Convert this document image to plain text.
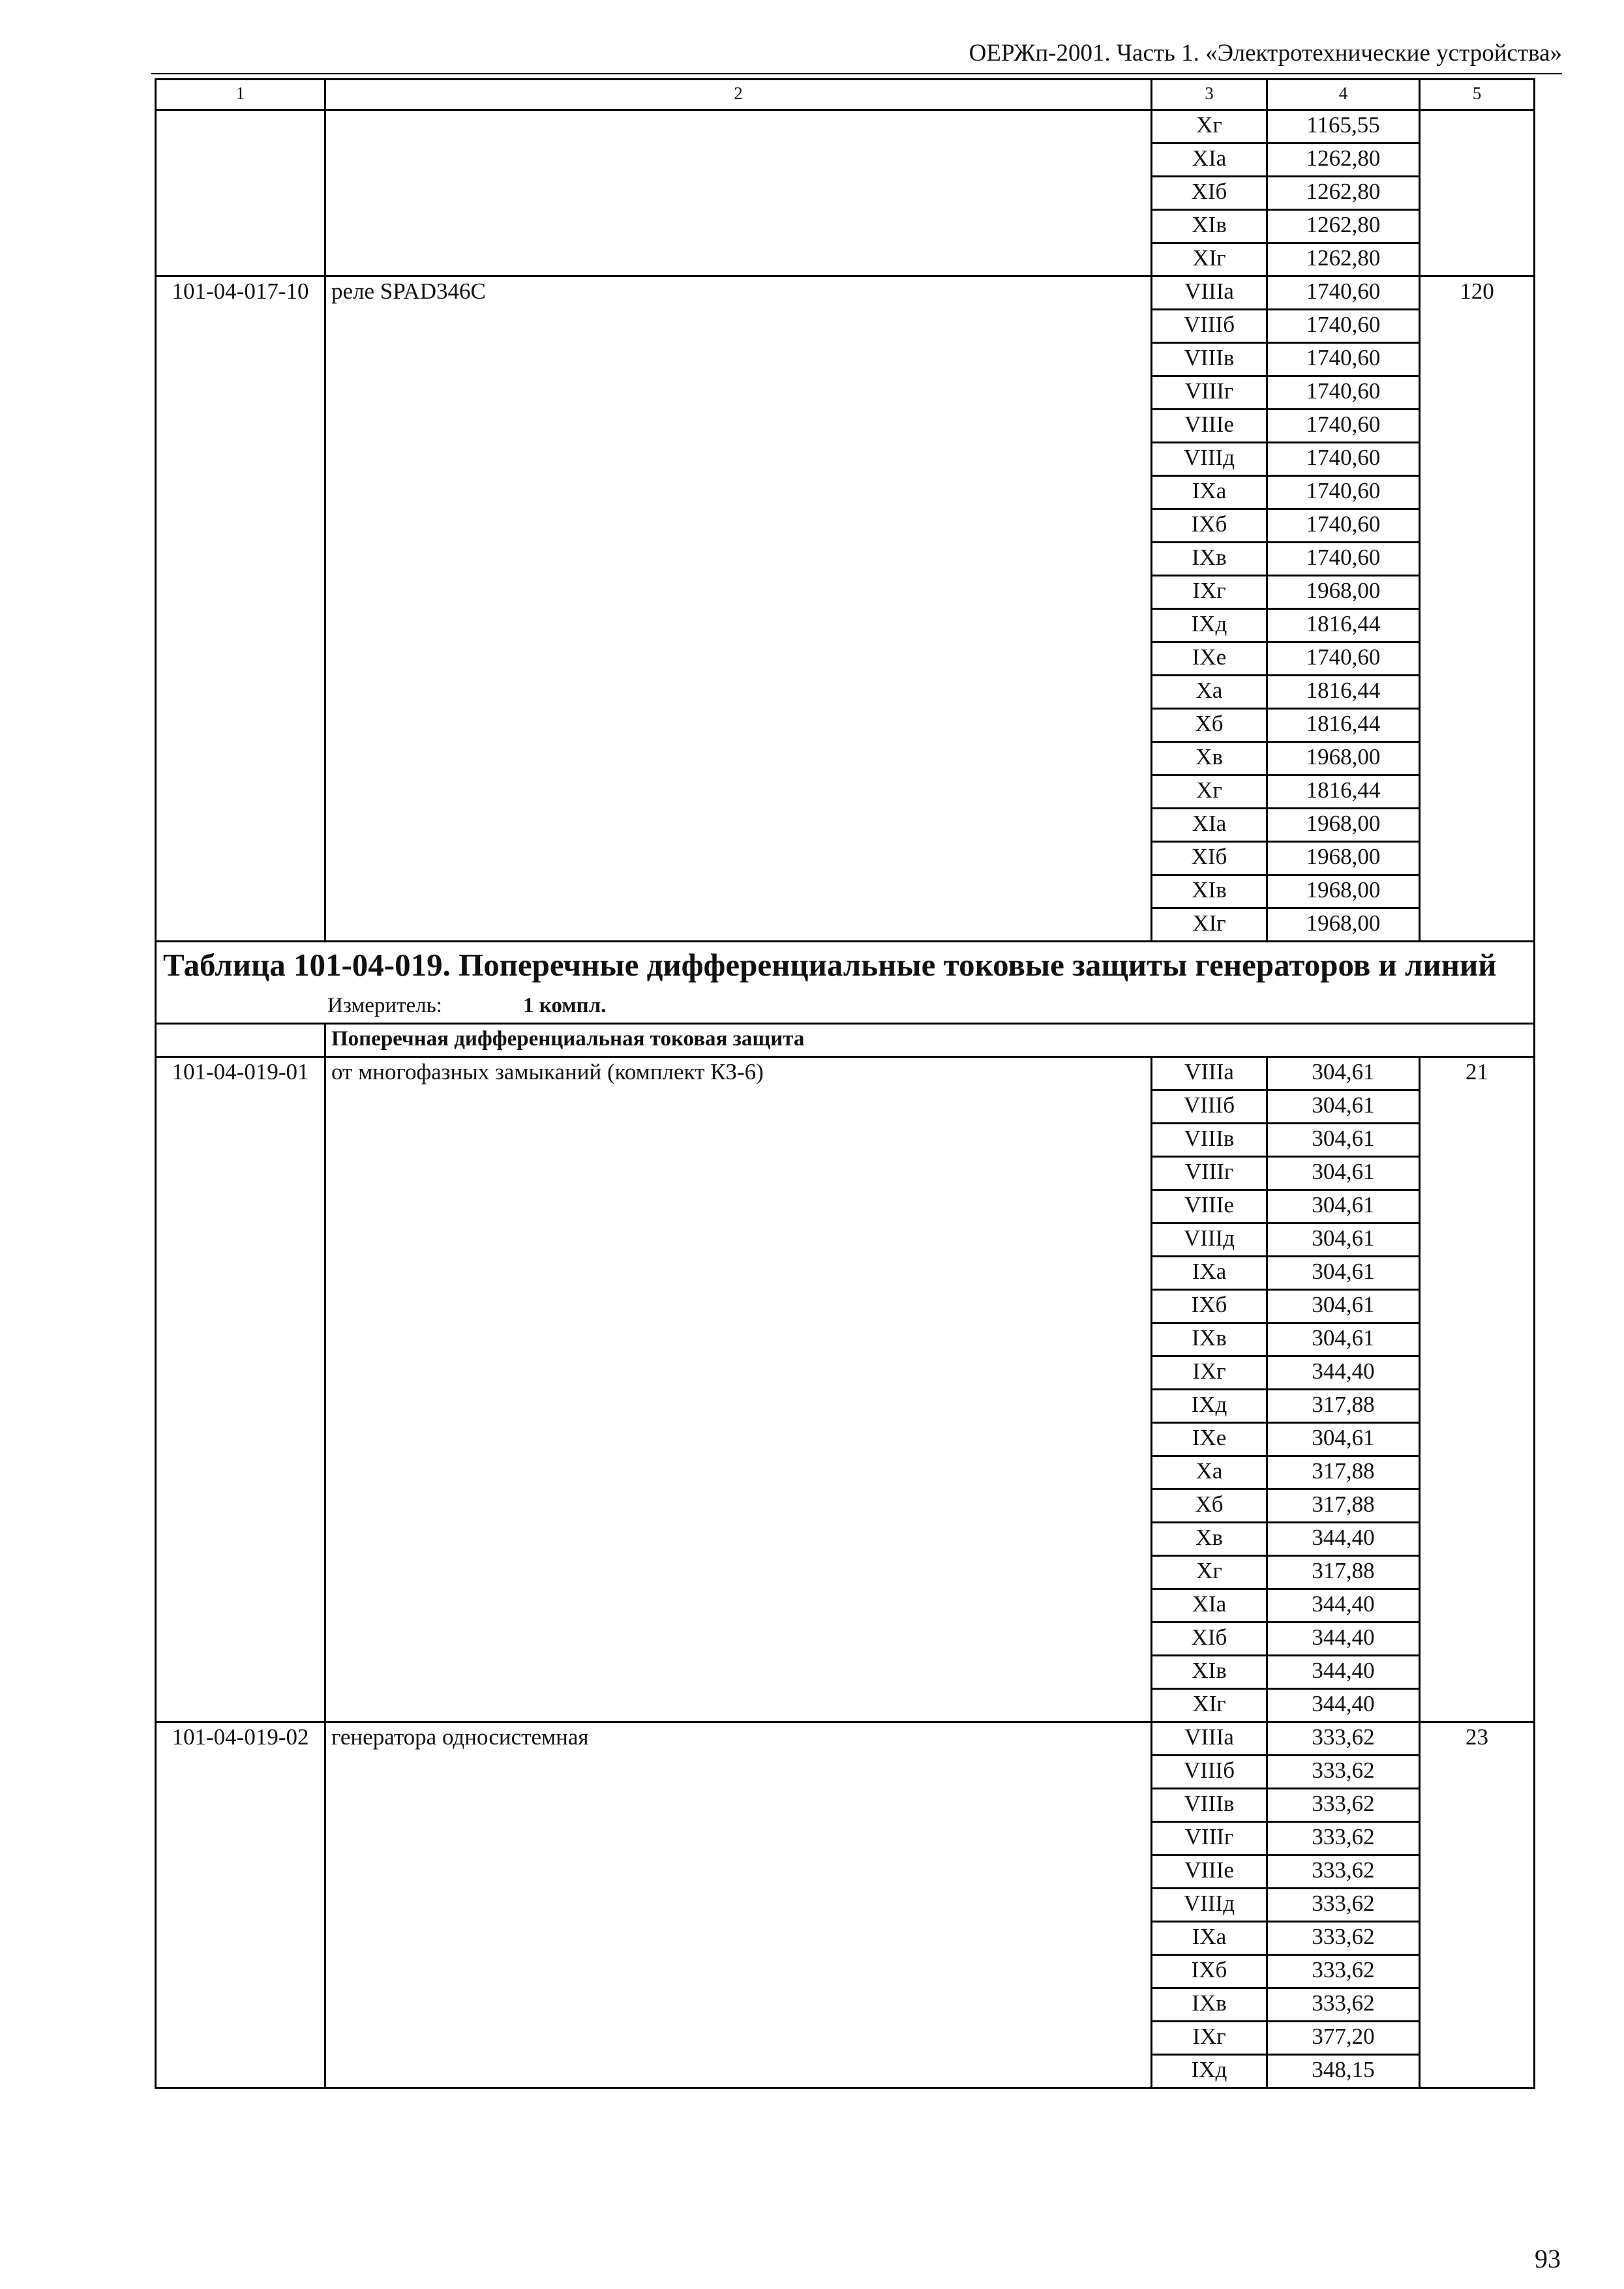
ОЕРЖп-2001. Часть 1. «Электротехнические устройства»
1	2	3	4	5
		Xг	1165,55	
		XIа	1262,80	
		XIб	1262,80	
		XIв	1262,80	
		XIг	1262,80	
101-04-017-10	реле SPAD346C	VIIIа	1740,60	120
		VIIIб	1740,60	
		VIIIв	1740,60	
		VIIIг	1740,60	
		VIIIе	1740,60	
		VIIIд	1740,60	
		IXа	1740,60	
		IXб	1740,60	
		IXв	1740,60	
		IXг	1968,00	
		IXд	1816,44	
		IXе	1740,60	
		Xа	1816,44	
		Xб	1816,44	
		Xв	1968,00	
		Xг	1816,44	
		XIа	1968,00	
		XIб	1968,00	
		XIв	1968,00	
		XIг	1968,00	
Таблица 101-04-019. Поперечные дифференциальные токовые защиты генераторов и линий				
Измеритель: 1 компл.				
	Поперечная дифференциальная токовая защита			
101-04-019-01	от многофазных замыканий (комплект КЗ-6)	VIIIа	304,61	21
		VIIIб	304,61	
		VIIIв	304,61	
		VIIIг	304,61	
		VIIIе	304,61	
		VIIIд	304,61	
		IXа	304,61	
		IXб	304,61	
		IXв	304,61	
		IXг	344,40	
		IXд	317,88	
		IXе	304,61	
		Xа	317,88	
		Xб	317,88	
		Xв	344,40	
		Xг	317,88	
		XIа	344,40	
		XIб	344,40	
		XIв	344,40	
		XIг	344,40	
101-04-019-02	генератора односистемная	VIIIа	333,62	23
		VIIIб	333,62	
		VIIIв	333,62	
		VIIIг	333,62	
		VIIIе	333,62	
		VIIIд	333,62	
		IXа	333,62	
		IXб	333,62	
		IXв	333,62	
		IXг	377,20	
		IXд	348,15	
93
